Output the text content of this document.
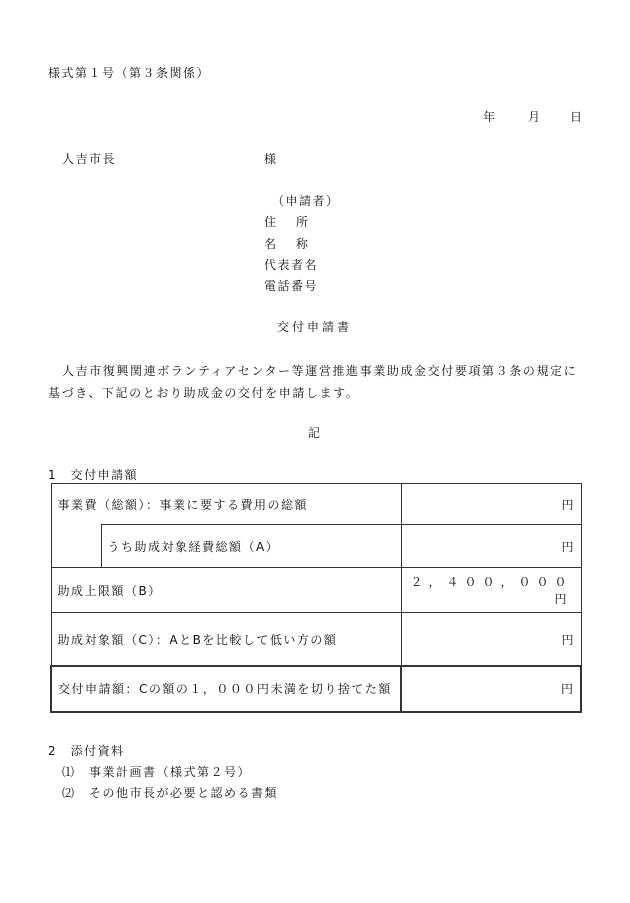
様式第１号（第３条関係）
年	月 日
人吉市長	様
（申請者）
住所
名称
代表者名
電話番号
交付申請書
人吉市復興関連ボランティアセンター等運営推進事業助成金交付要項第３条の規定に基づき、下記のとおり助成金の交付を申請します。
記
1　交付申請額
事業費（総額）：事業に要する費用の総額		円
	うち助成対象経費総額（A）	円
助成上限額（B）		２，４００，０００円
助成対象額（C）：AとBを比較して低い方の額		円
交付申請額：Cの額の１，０００円未満を切り捨てた額		円
2　添付資料
⑴　事業計画書（様式第２号）
⑵　その他市長が必要と認める書類
